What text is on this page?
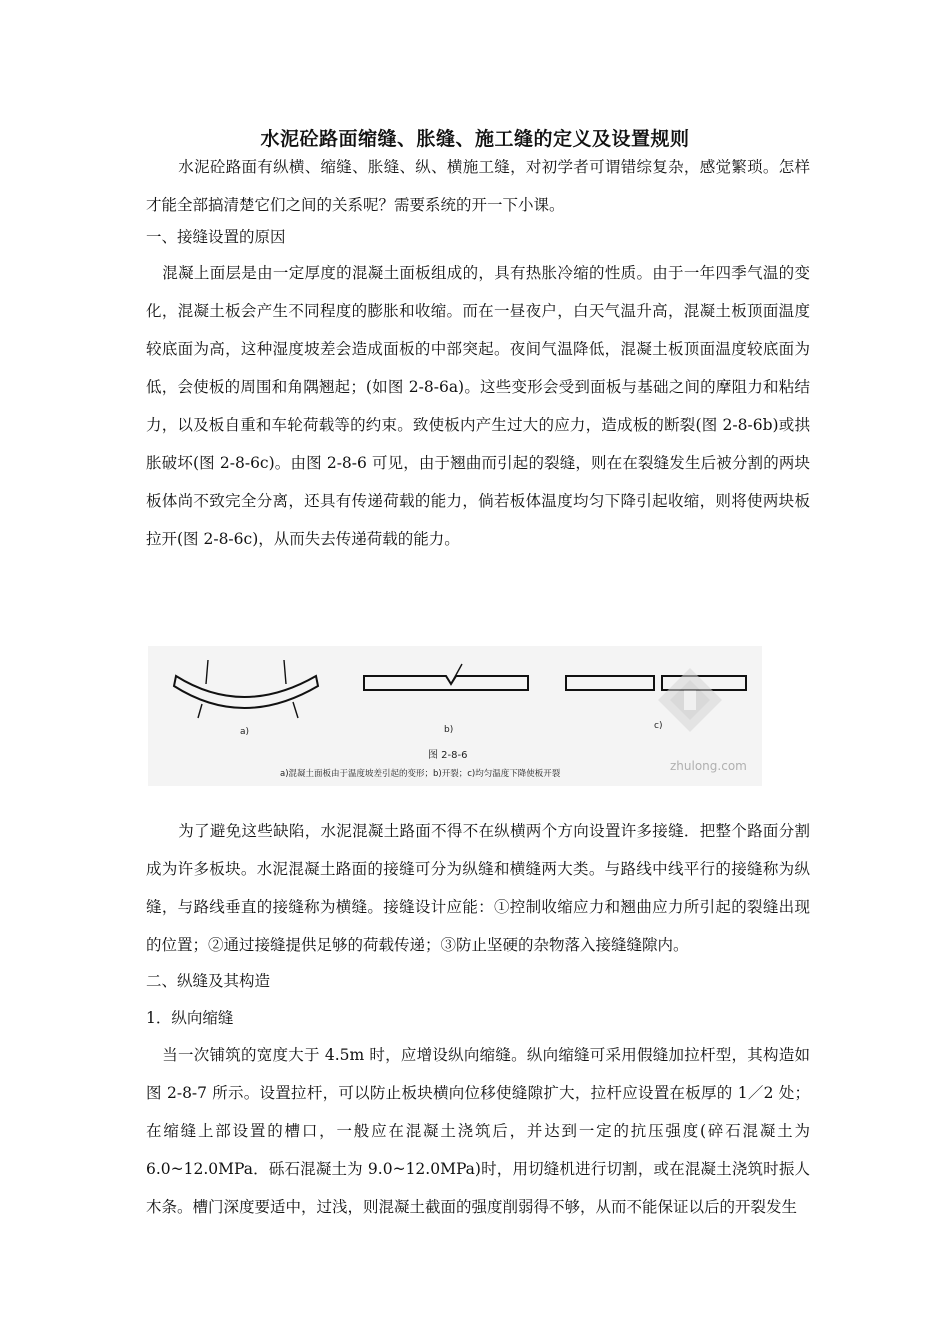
水泥砼路面缩缝、胀缝、施工缝的定义及设置规则

水泥砼路面有纵横、缩缝、胀缝、纵、横施工缝，对初学者可谓错综复杂，感觉繁琐。怎样才能全部搞清楚它们之间的关系呢？需要系统的开一下小课。

一、接缝设置的原因

混凝上面层是由一定厚度的混凝土面板组成的，具有热胀冷缩的性质。由于一年四季气温的变化，混凝土板会产生不同程度的膨胀和收缩。而在一昼夜户，白天气温升高，混凝土板顶面温度较底面为高，这种湿度坡差会造成面板的中部突起。夜间气温降低，混凝土板顶面温度较底面为低，会使板的周围和角隅翘起；(如图 2-8-6a)。这些变形会受到面板与基础之间的摩阻力和粘结力，以及板自重和车轮荷载等的约束。致使板内产生过大的应力，造成板的断裂(图 2-8-6b)或拱胀破坏(图 2-8-6c)。由图 2-8-6 可见，由于翘曲而引起的裂缝，则在在裂缝发生后被分割的两块板体尚不致完全分离，还具有传递荷载的能力，倘若板体温度均匀下降引起收缩，则将使两块板拉开(图 2-8-6c)，从而失去传递荷载的能力。

a)	b)	c)
zhulong.com
图 2-8-6
a)混凝土面板由于温度坡差引起的变形；b)开裂；c)均匀温度下降使板开裂

为了避免这些缺陷，水泥混凝土路面不得不在纵横两个方向设置许多接缝．把整个路面分割成为许多板块。水泥混凝土路面的接缝可分为纵缝和横缝两大类。与路线中线平行的接缝称为纵缝，与路线垂直的接缝称为横缝。接缝设计应能：①控制收缩应力和翘曲应力所引起的裂缝出现的位置；②通过接缝提供足够的荷载传递；③防止坚硬的杂物落入接缝缝隙内。

二、纵缝及其构造

1．纵向缩缝

当一次铺筑的宽度大于 4.5m 时，应增设纵向缩缝。纵向缩缝可采用假缝加拉杆型，其构造如图 2-8-7 所示。设置拉杆，可以防止板块横向位移使缝隙扩大，拉杆应设置在板厚的 1／2 处；在缩缝上部设置的槽口，一般应在混凝土浇筑后，并达到一定的抗压强度(碎石混凝土为 6.0~12.0MPa．砾石混凝土为 9.0~12.0MPa)时，用切缝机进行切割，或在混凝土浇筑时振人木条。槽门深度要适中，过浅，则混凝土截面的强度削弱得不够，从而不能保证以后的开裂发生
